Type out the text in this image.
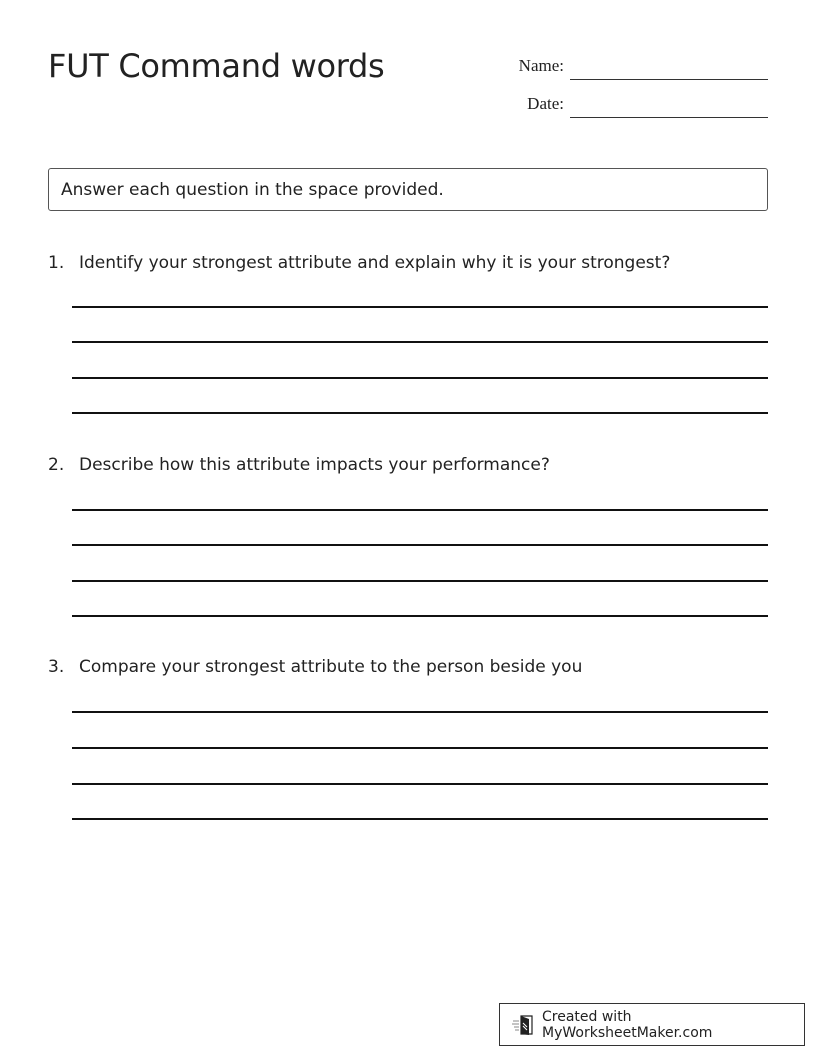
FUT Command words	Name:
Date:
Answer each question in the space provided.
1. Identify your strongest attribute and explain why it is your strongest?
2. Describe how this attribute impacts your performance?
3. Compare your strongest attribute to the person beside you
Created with MyWorksheetMaker.com
